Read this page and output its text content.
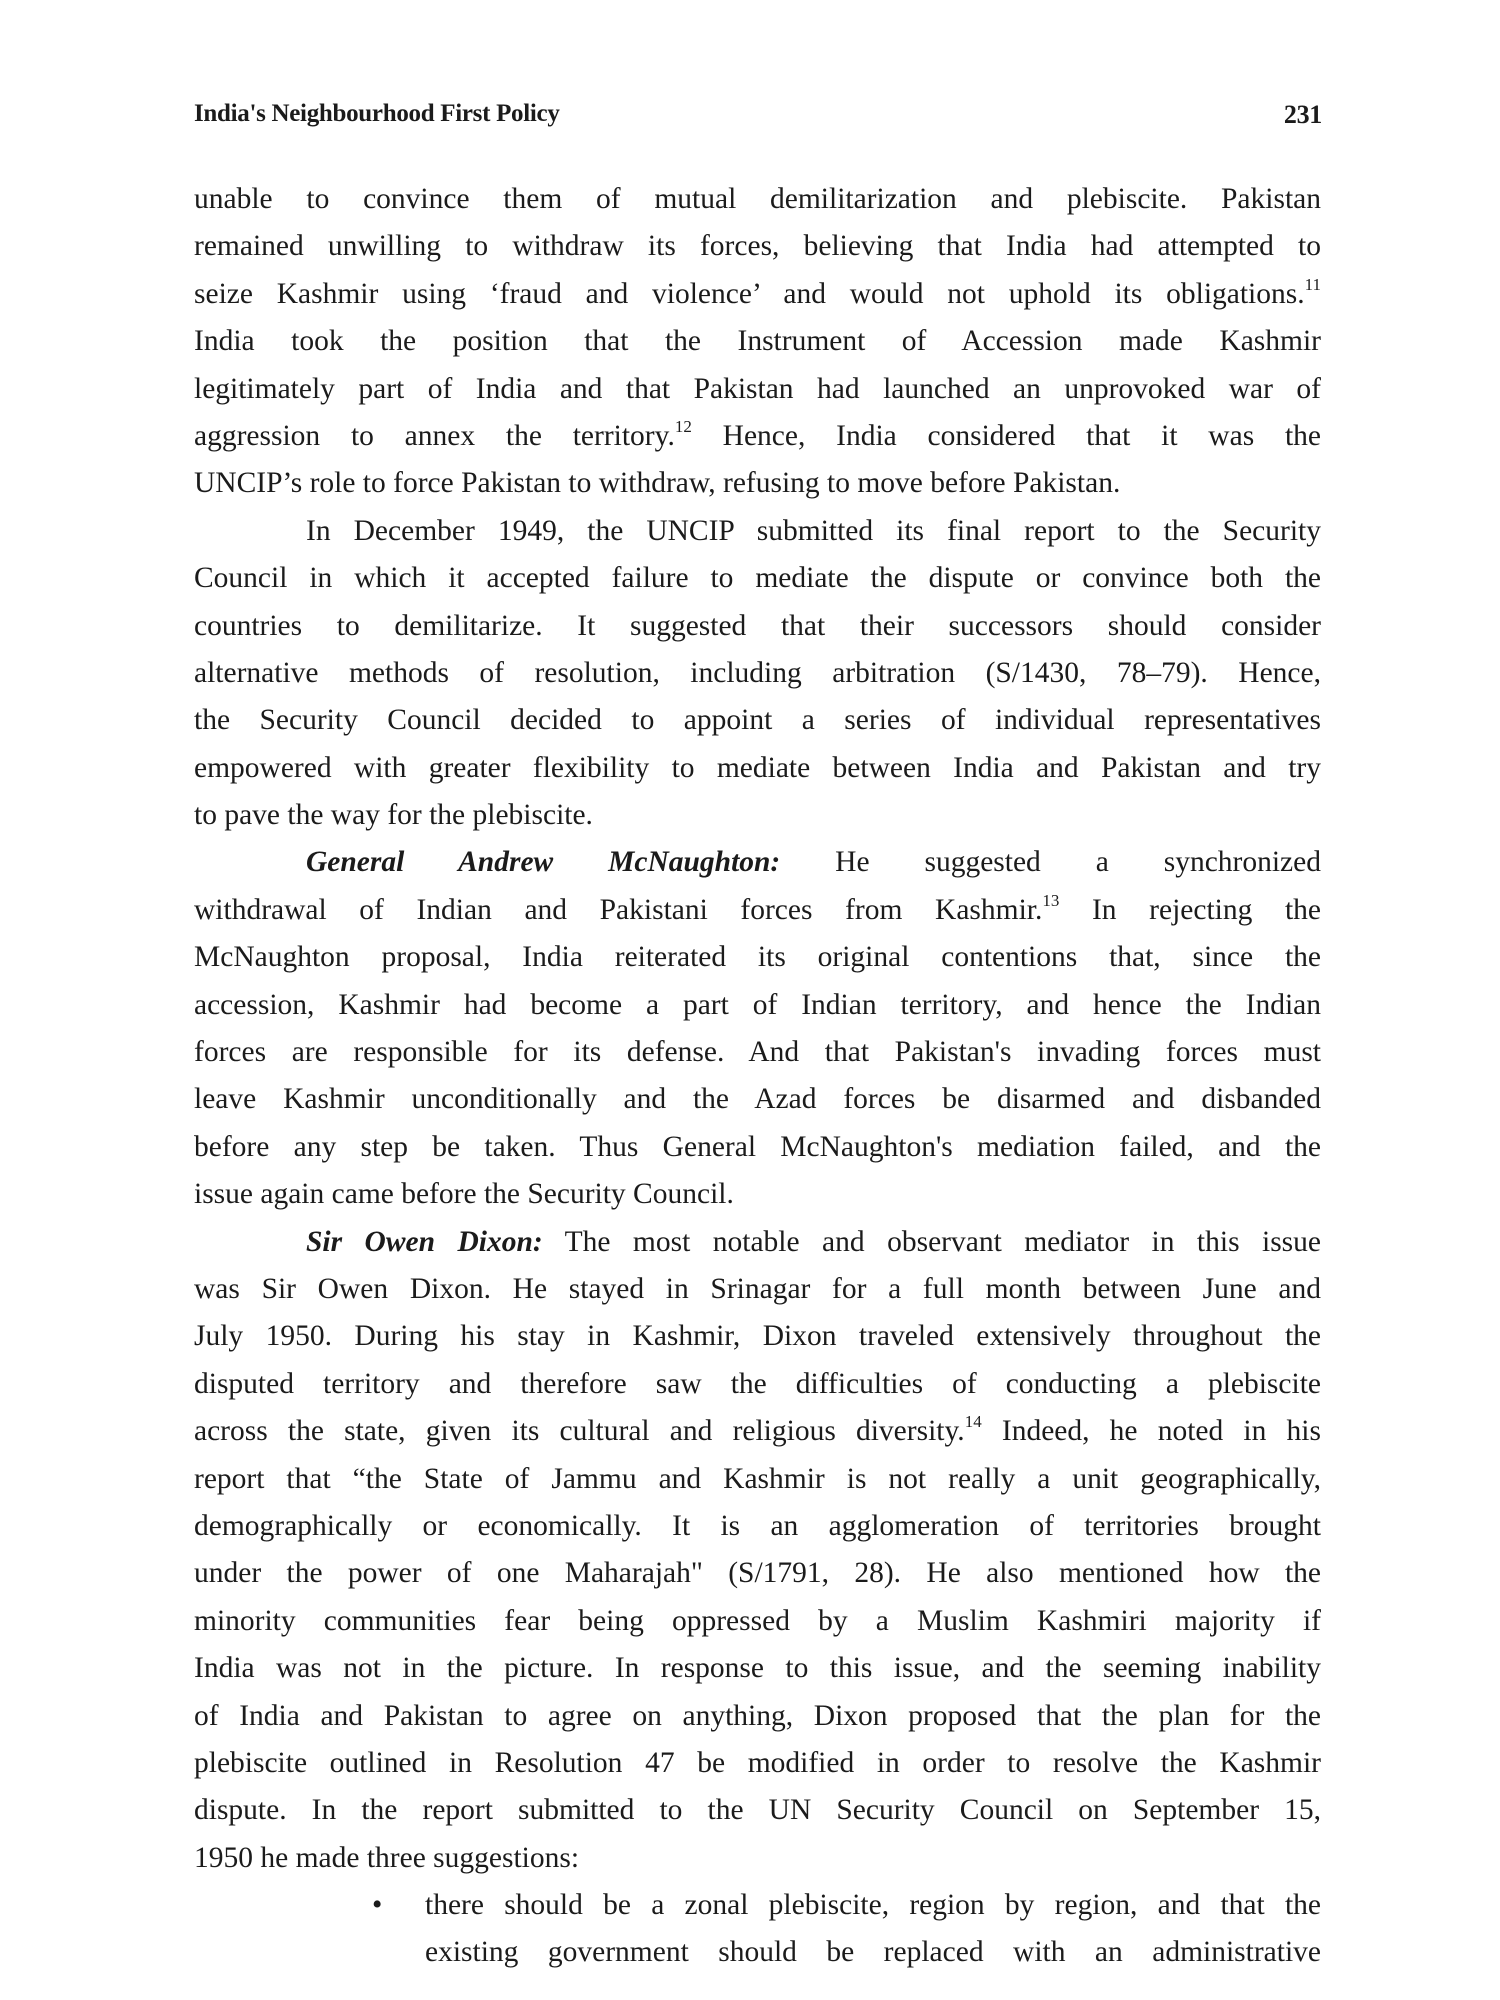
India's Neighbourhood First Policy	231
unable to convince them of mutual demilitarization and plebiscite. Pakistan
remained unwilling to withdraw its forces, believing that India had attempted to
seize Kashmir using ‘fraud and violence’ and would not uphold its obligations.$^{11}$
India took the position that the Instrument of Accession made Kashmir
legitimately part of India and that Pakistan had launched an unprovoked war of
aggression to annex the territory.$^{12}$ Hence, India considered that it was the
UNCIP’s role to force Pakistan to withdraw, refusing to move before Pakistan.
In December 1949, the UNCIP submitted its final report to the Security
Council in which it accepted failure to mediate the dispute or convince both the
countries to demilitarize. It suggested that their successors should consider
alternative methods of resolution, including arbitration (S/1430, 78–79). Hence,
the Security Council decided to appoint a series of individual representatives
empowered with greater flexibility to mediate between India and Pakistan and try
to pave the way for the plebiscite.
General Andrew McNaughton: He suggested a synchronized
withdrawal of Indian and Pakistani forces from Kashmir.$^{13}$ In rejecting the
McNaughton proposal, India reiterated its original contentions that, since the
accession, Kashmir had become a part of Indian territory, and hence the Indian
forces are responsible for its defense. And that Pakistan's invading forces must
leave Kashmir unconditionally and the Azad forces be disarmed and disbanded
before any step be taken. Thus General McNaughton's mediation failed, and the
issue again came before the Security Council.
Sir Owen Dixon: The most notable and observant mediator in this issue
was Sir Owen Dixon. He stayed in Srinagar for a full month between June and
July 1950. During his stay in Kashmir, Dixon traveled extensively throughout the
disputed territory and therefore saw the difficulties of conducting a plebiscite
across the state, given its cultural and religious diversity.$^{14}$ Indeed, he noted in his
report that “the State of Jammu and Kashmir is not really a unit geographically,
demographically or economically. It is an agglomeration of territories brought
under the power of one Maharajah" (S/1791, 28). He also mentioned how the
minority communities fear being oppressed by a Muslim Kashmiri majority if
India was not in the picture. In response to this issue, and the seeming inability
of India and Pakistan to agree on anything, Dixon proposed that the plan for the
plebiscite outlined in Resolution 47 be modified in order to resolve the Kashmir
dispute. In the report submitted to the UN Security Council on September 15,
1950 he made three suggestions:
• there should be a zonal plebiscite, region by region, and that the
existing government should be replaced with an administrative
